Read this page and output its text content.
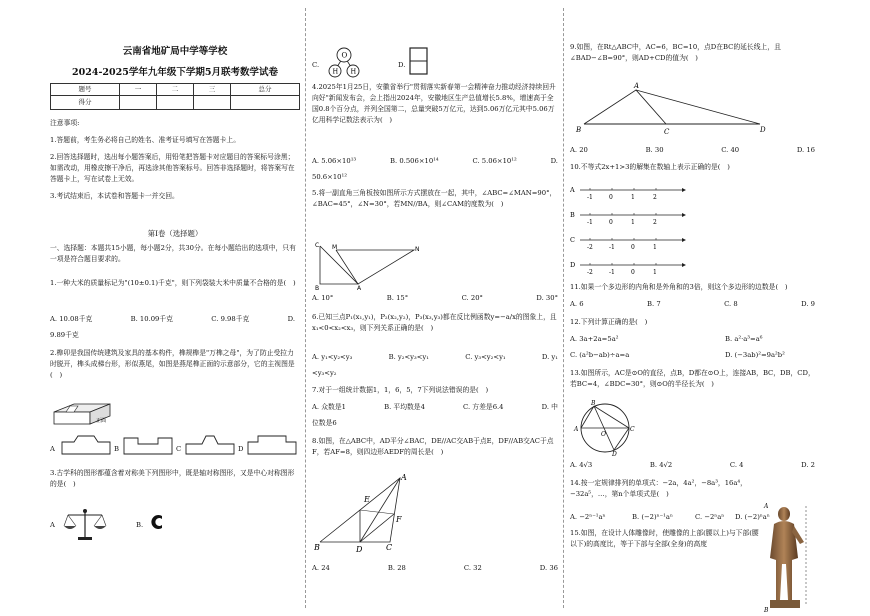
云南省地矿局中学等学校
2024-2025学年九年级下学期5月联考数学试卷
题号	一	二	三	总分
得分				

注意事项:

1.答题前，考生务必将自己的姓名、准考证号填写在答题卡上。

2.回答选择题时，选出每小题答案后，用铅笔把答题卡对应题目的答案标号涂黑；如需改动，用橡皮擦干净后，再选涂其他答案标号。回答非选择题时，将答案写在答题卡上，写在试卷上无效。

3.考试结束后，本试卷和答题卡一并交回。

第Ⅰ卷（选择题）

一、选择题：本题共15小题，每小题2分，共30分。在每小题给出的选项中，只有一项是符合题目要求的。

1.一种大米的质量标记为"(10±0.1)千克"，则下列袋装大米中质量不合格的是(　)

A. 10.08千克	B. 10.09千克	C. 9.98千克	D.

9.89千克

2.榫卯是我国传统建筑及家具的基本构件，榫规榫是"万榫之母"，为了防止受拉力时脱开，榫头成梯台形，形似燕尾，如图是燕尾榫正面的示意部分，它的主视图是(　)

正面
A	B	C	D

3.古学科的图形都蕴含着对称美下列图形中，既是轴对称图形，又是中心对称图形的是(　)

A	B.
C.
O
H H
D.

4.2025年1月25日，安徽省举行"贯彻落实新春第一会精神奋力推动经济持续回升向好"新闻发布会，会上指出2024年，安徽地区生产总值增长5.8%，增速高于全国0.8个百分点，并列全国第二，总量突破5万亿元，达到5.06万亿元其中5.06万亿用科学记数法表示为(　)

A. 5.06×10¹³	B. 0.506×10¹⁴	C. 5.06×10¹²	D.

50.6×10¹²

5.将一副直角三角板按如图所示方式摆放在一起，其中，∠ABC=∠MAN=90°，∠BAC=45°，∠N=30°，若MN//BA，则∠CAM的度数为(　)

C M	N
A
B
A. 10°	B. 15°	C. 20°	D. 30°

6.已知三点P₁(x₁,y₁)，P₂(x₂,y₂)，P₃(x₃,y₃)都在反比例函数y=−a/x的图象上，且x₁<0<x₂<x₃，则下列关系正确的是(　)

A. y₁<y₂<y₃	B. y₂<y₃<y₁	C. y₃<y₂<y₁	D. y₁

<y₃<y₂

7.对于一组统计数据1，1，6，5，7下列说法错误的是(　)

A. 众数是1	B. 平均数是4	C. 方差是6.4	D. 中

位数是6

8.如图，在△ABC中，AD平分∠BAC，DE//AC交AB于点E，DF//AB交AC于点F，若AF=8，则四边形AEDF的周长是(　)

A
E
F
B	D	C
A. 24	B. 28	C. 32	D. 36

9.如图，在Rt△ABC中，AC=6，BC=10，点D在BC的延长线上，且∠BAD−∠B=90°，则AD+CD的值为(　)

A
B	C	D
A. 20	B. 30	C. 40	D. 16

10.不等式2x+1>3的解集在数轴上表示正确的是(　)

A
-1	0	1	2
B
-1	0	1	2
C
-2	-1	0	1
D
-2	-1	0	1

11.如果一个多边形的内角和是外角和的3倍，则这个多边形的边数是(　)

A. 6	B. 7	C. 8	D. 9

12.下列计算正确的是(　)

A. 3a+2a=5a²	B. a²·a³=a⁶
C. (a²b−ab)÷a=a	D. (−3ab)²=9a²b²

13.如图所示，AC是⊙O的直径，点B，D都在⊙O上，连接AB，BC，DB，CD，若BC=4，∠BDC=30°，则⊙O的半径长为(　)

B
A	C
O
D
A. 4√3	B. 4√2	C. 4	D. 2

14.按一定规律排列的单项式：−2a，4a²，−8a³，16a⁴，−32a⁵，…，第n个单项式是(　)

A. −2ⁿ⁻¹aⁿ	B. (−2)ⁿ⁻¹aⁿ	C. −2ⁿaⁿ D. (−2)ⁿaⁿ

15.如图，在设计人体雕像时，使雕像的上部(腰以上)与下部(腰以下)的高度比，等于下部与全部(全身)的高度

A
B
